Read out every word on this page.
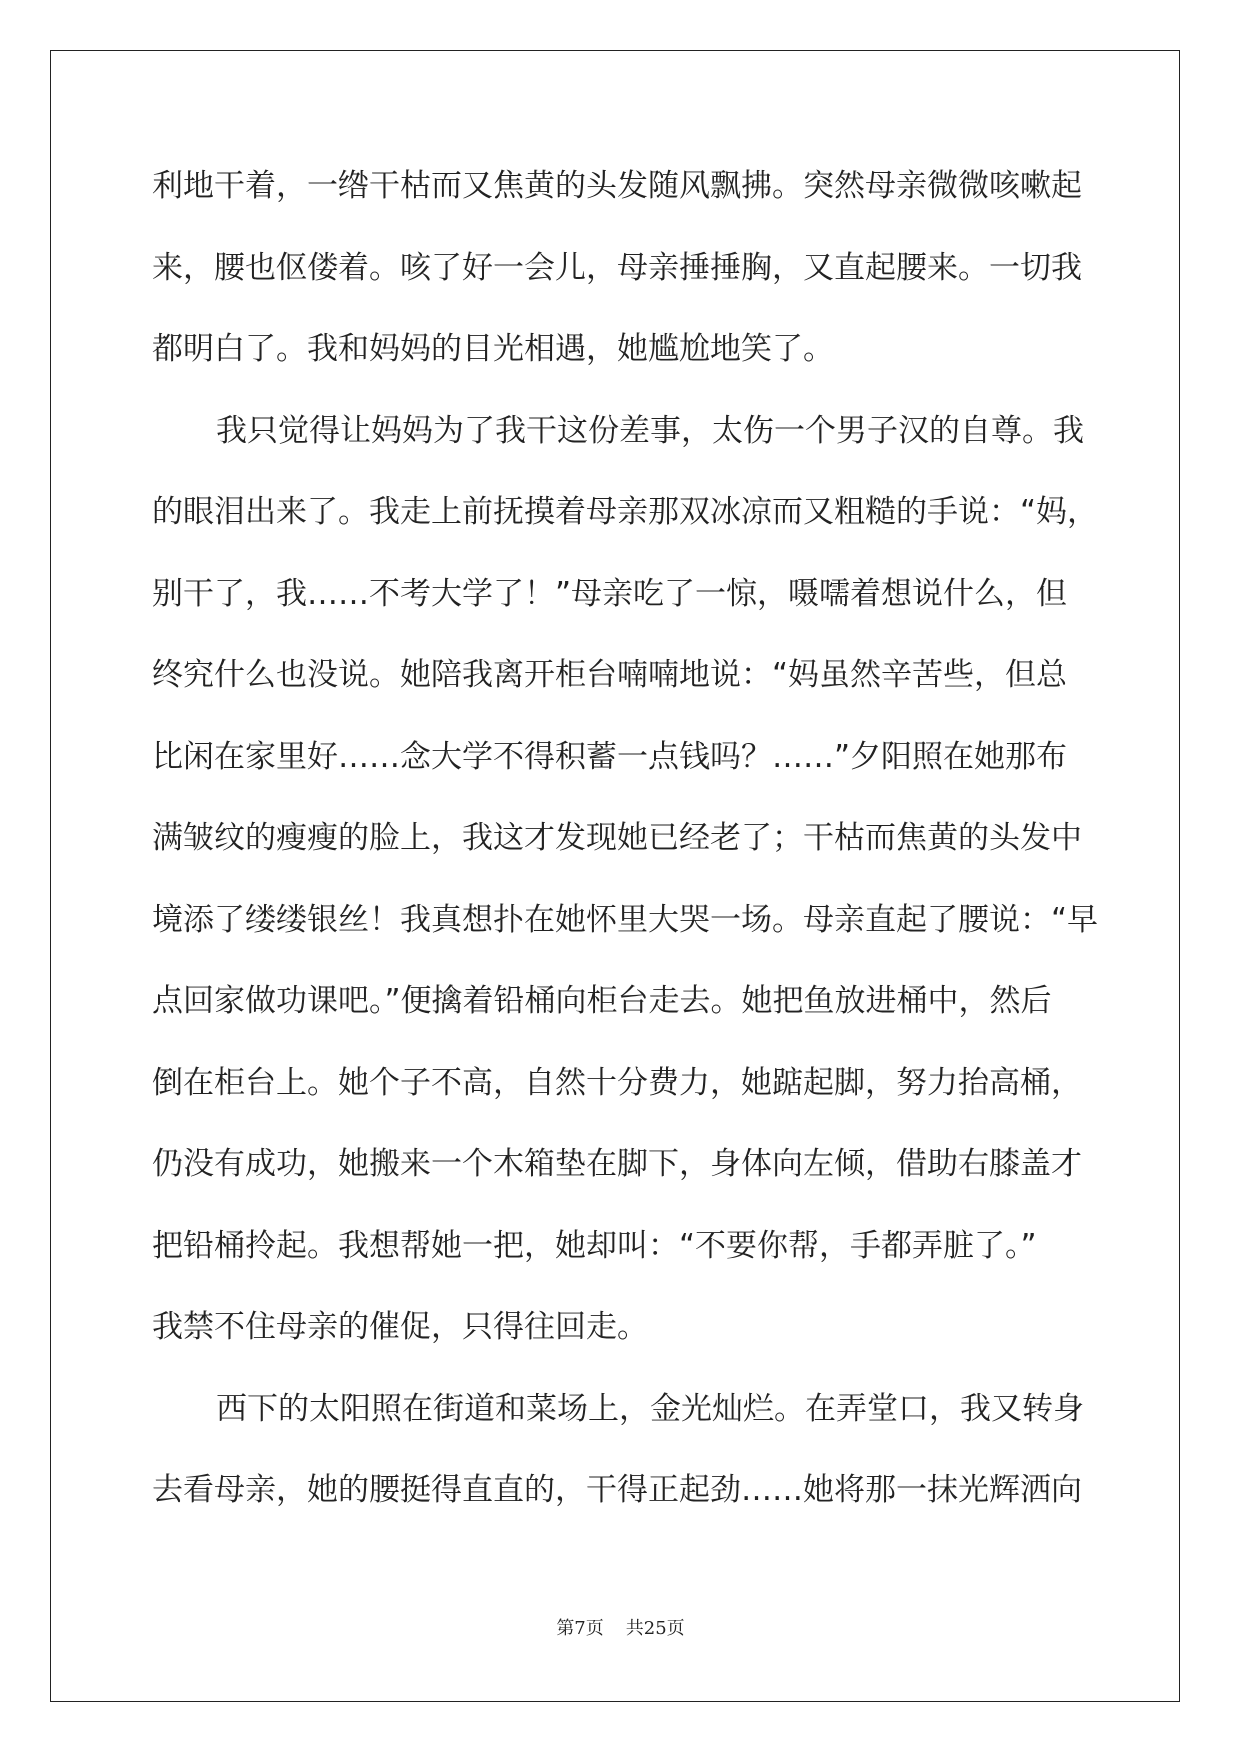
利地干着，一绺干枯而又焦黄的头发随风飘拂。突然母亲微微咳嗽起
来，腰也伛偻着。咳了好一会儿，母亲捶捶胸，又直起腰来。一切我
都明白了。我和妈妈的目光相遇，她尴尬地笑了。
我只觉得让妈妈为了我干这份差事，太伤一个男子汉的自尊。我
的眼泪出来了。我走上前抚摸着母亲那双冰凉而又粗糙的手说：“妈，
别干了，我……不考大学了！”母亲吃了一惊，嗫嚅着想说什么，但
终究什么也没说。她陪我离开柜台喃喃地说：“妈虽然辛苦些，但总
比闲在家里好……念大学不得积蓄一点钱吗？……”夕阳照在她那布
满皱纹的瘦瘦的脸上，我这才发现她已经老了；干枯而焦黄的头发中
境添了缕缕银丝！我真想扑在她怀里大哭一场。母亲直起了腰说：“早
点回家做功课吧。”便擒着铅桶向柜台走去。她把鱼放进桶中，然后
倒在柜台上。她个子不高，自然十分费力，她踮起脚，努力抬高桶，
仍没有成功，她搬来一个木箱垫在脚下，身体向左倾，借助右膝盖才
把铅桶拎起。我想帮她一把，她却叫：“不要你帮，手都弄脏了。”
我禁不住母亲的催促，只得往回走。
西下的太阳照在街道和菜场上，金光灿烂。在弄堂口，我又转身
去看母亲，她的腰挺得直直的，干得正起劲……她将那一抹光辉洒向
第7页 共25页
